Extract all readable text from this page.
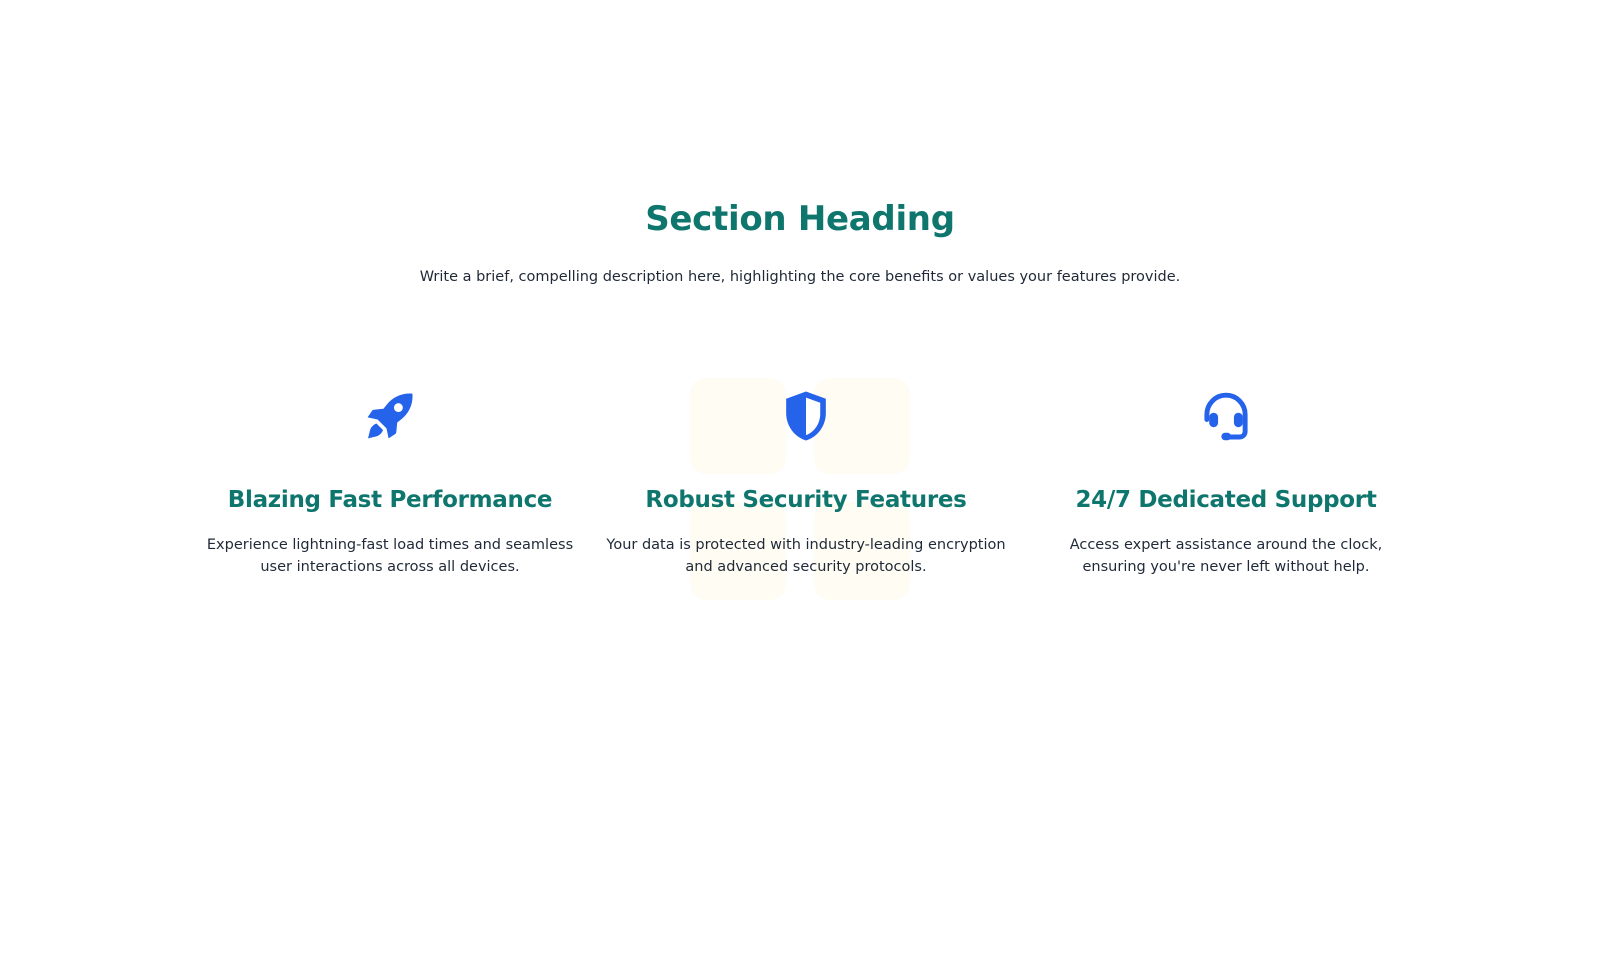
Section Heading

Write a brief, compelling description here, highlighting the core benefits or values your features provide.

Blazing Fast Performance

Experience lightning-fast load times and seamless user interactions across all devices.

Robust Security Features

Your data is protected with industry-leading encryption and advanced security protocols.

24/7 Dedicated Support

Access expert assistance around the clock, ensuring you're never left without help.
